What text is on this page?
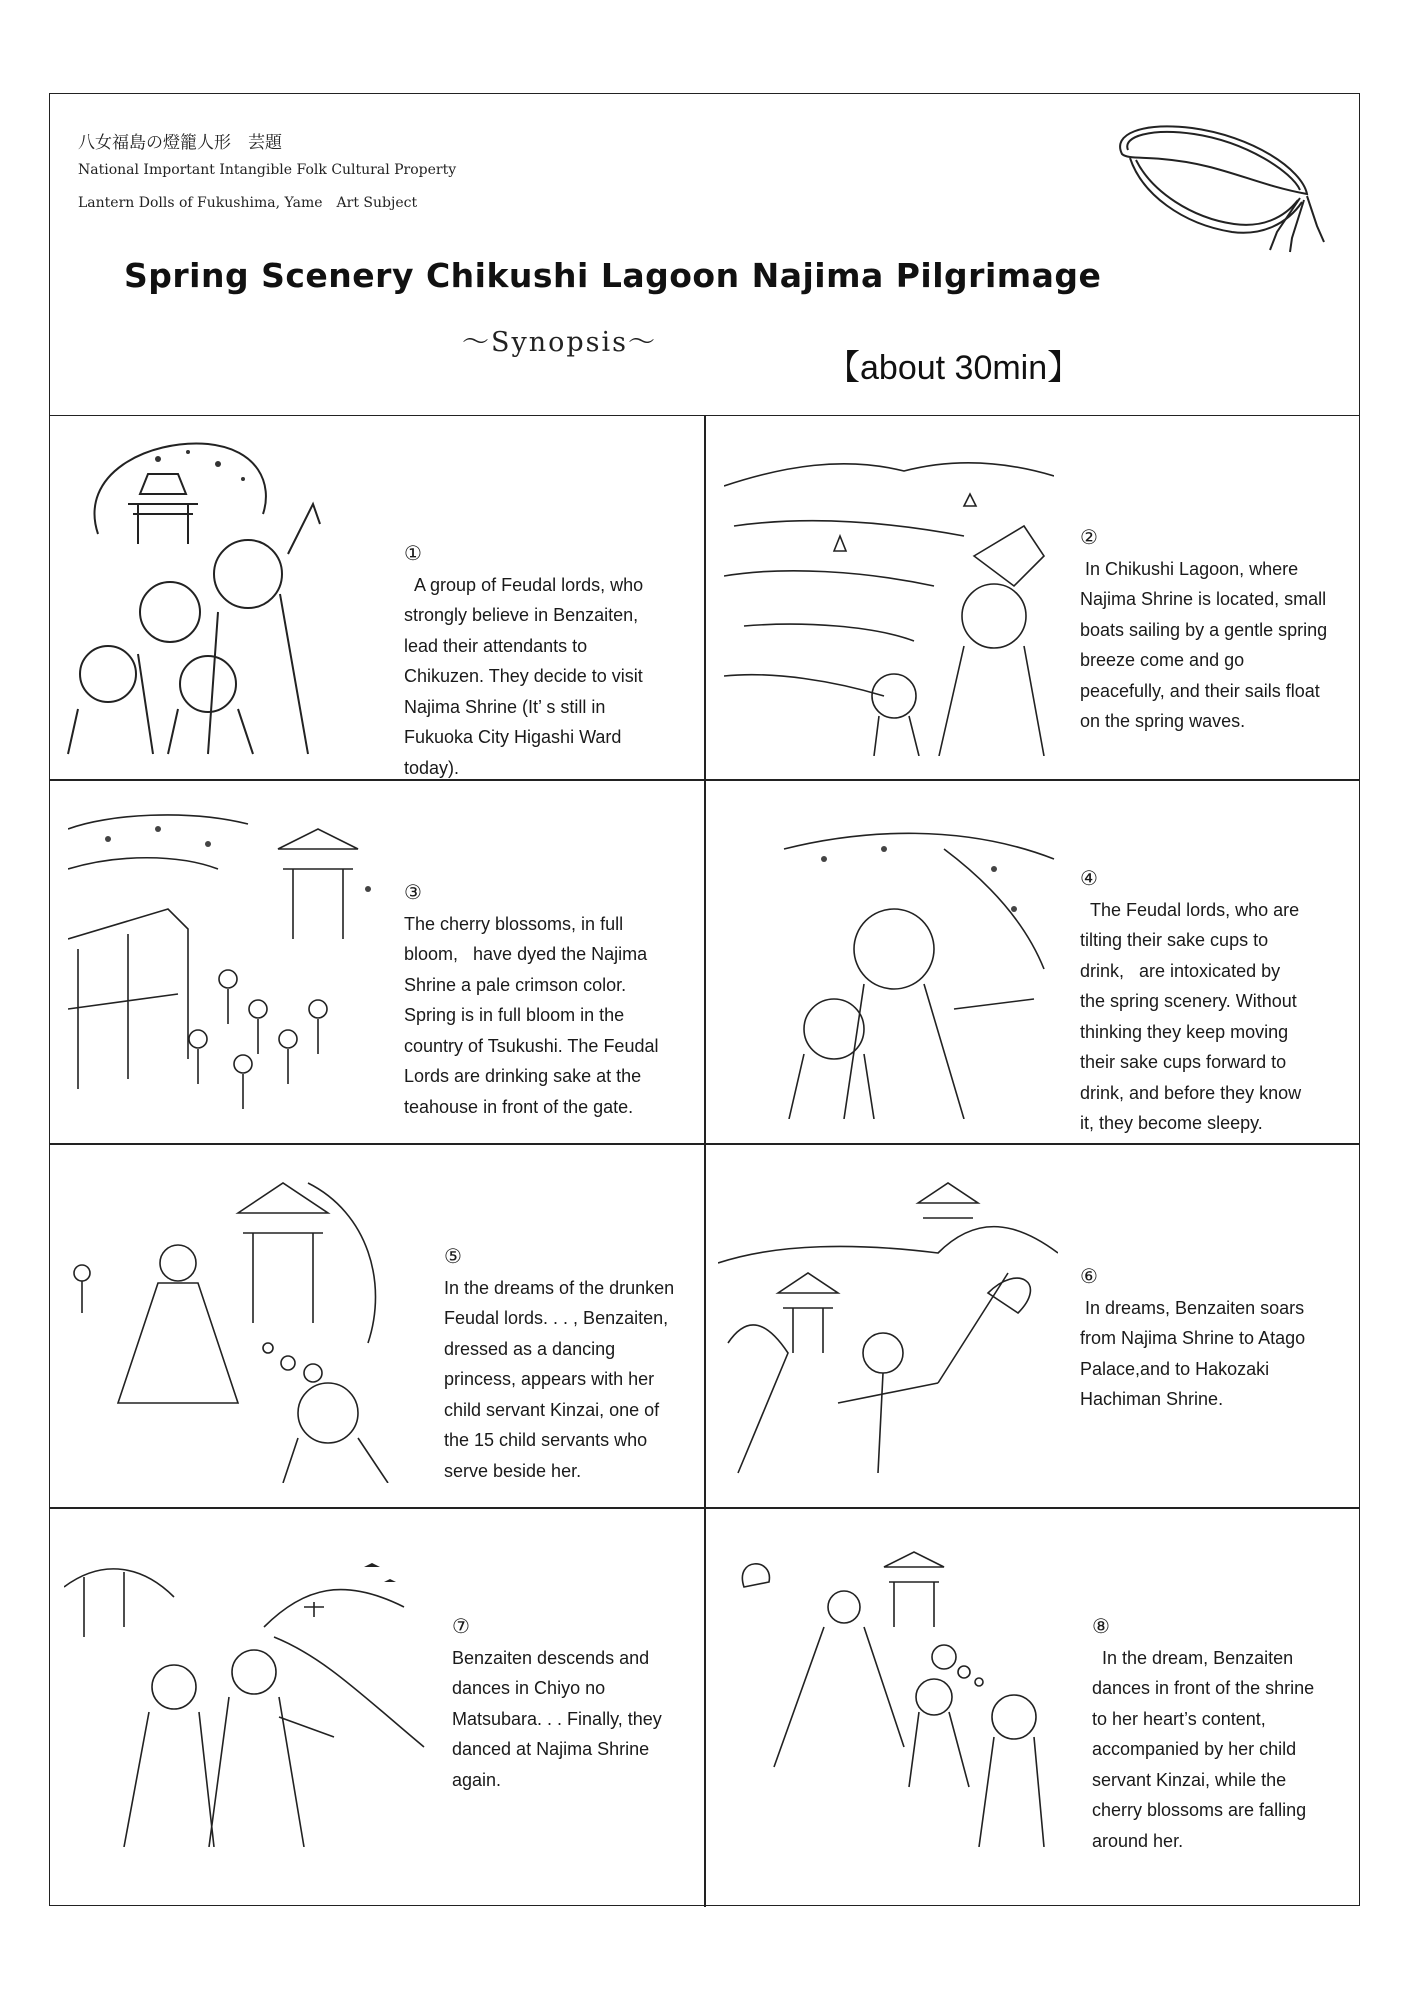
八女福島の燈籠人形　芸題
National Important Intangible Folk Cultural Property
Lantern Dolls of Fukushima, Yame　Art Subject
Spring Scenery Chikushi Lagoon Najima Pilgrimage
～Synopsis～
【about 30min】

①
A group of Feudal lords, who
strongly believe in Benzaiten,
lead their attendants to
Chikuzen. They decide to visit
Najima Shrine (It’ s still in
Fukuoka City Higashi Ward
today).

②
In Chikushi Lagoon, where
Najima Shrine is located, small
boats sailing by a gentle spring
breeze come and go
peacefully, and their sails float
on the spring waves.

③
The cherry blossoms, in full
bloom,   have dyed the Najima
Shrine a pale crimson color.
Spring is in full bloom in the
country of Tsukushi. The Feudal
Lords are drinking sake at the
teahouse in front of the gate.

④
The Feudal lords, who are
tilting their sake cups to
drink,   are intoxicated by
the spring scenery. Without
thinking they keep moving
their sake cups forward to
drink, and before they know
it, they become sleepy.

⑤
In the dreams of the drunken
Feudal lords. . . , Benzaiten,
dressed as a dancing
princess, appears with her
child servant Kinzai, one of
the 15 child servants who
serve beside her.

⑥
In dreams, Benzaiten soars
from Najima Shrine to Atago
Palace,and to Hakozaki
Hachiman Shrine.

⑦
Benzaiten descends and
dances in Chiyo no
Matsubara. . . Finally, they
danced at Najima Shrine
again.

⑧
In the dream, Benzaiten
dances in front of the shrine
to her heart’s content,
accompanied by her child
servant Kinzai, while the
cherry blossoms are falling
around her.
